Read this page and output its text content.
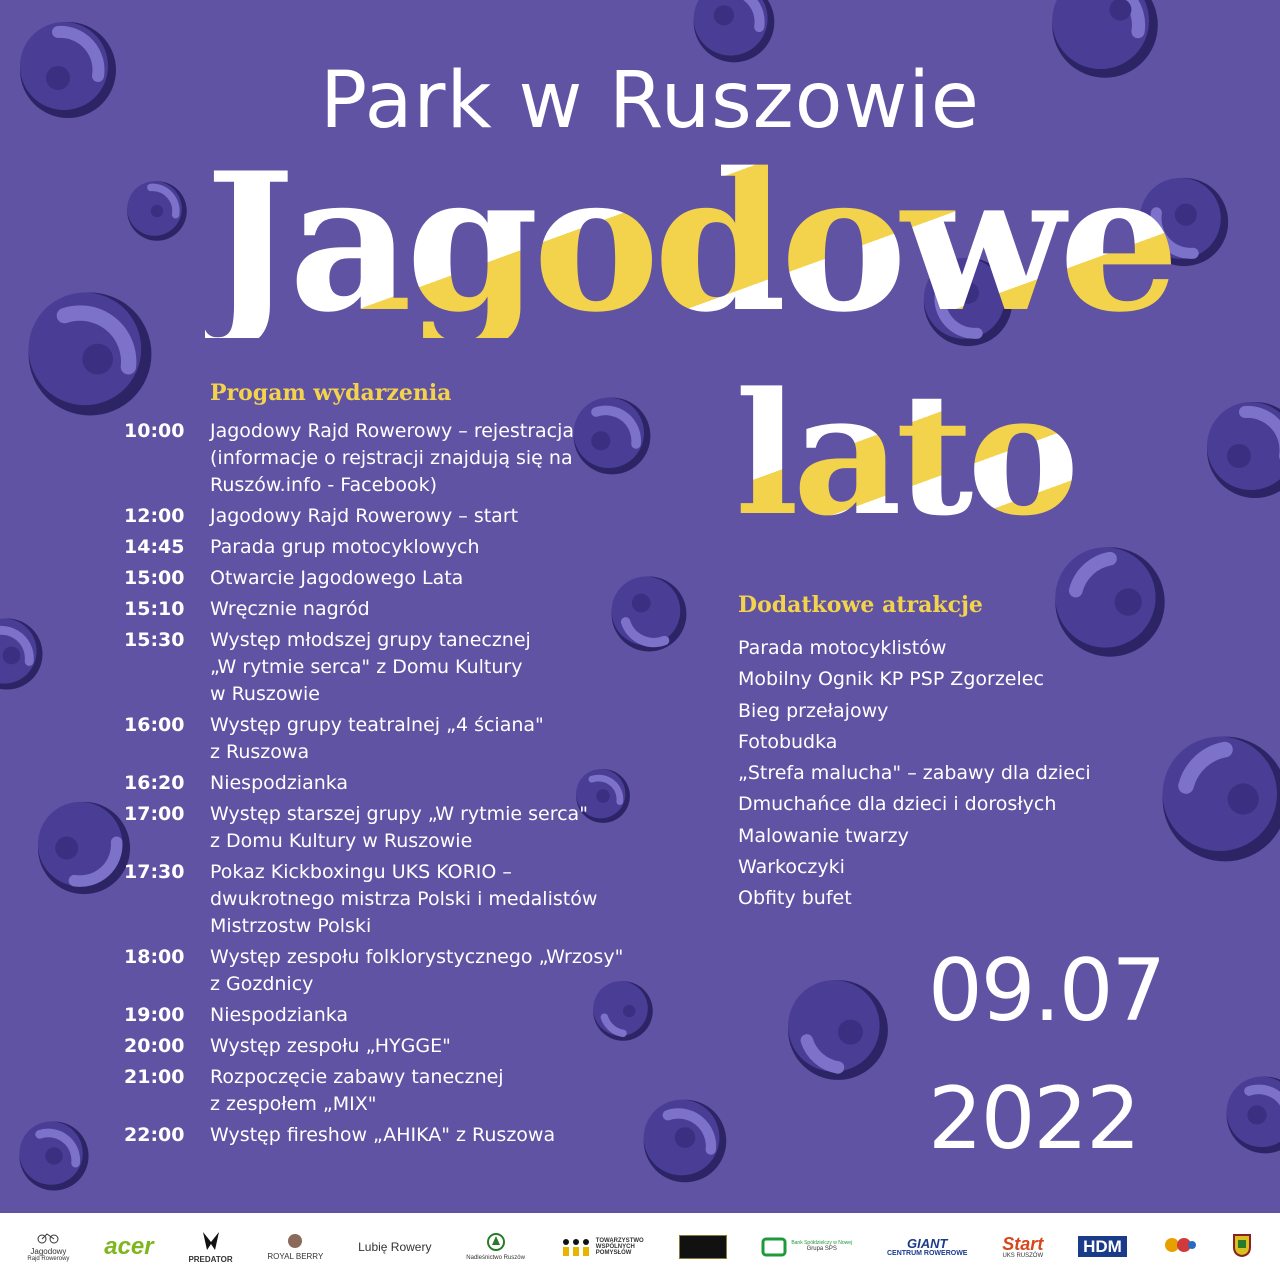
Park w Ruszowie
Jagodowe
lato
Progam wydarzenia
10:00	Jagodowy Rajd Rowerowy – rejestracja
(informacje o rejstracji znajdują się na
Ruszów.info - Facebook)
12:00	Jagodowy Rajd Rowerowy – start
14:45	Parada grup motocyklowych
15:00	Otwarcie Jagodowego Lata
15:10	Wręcznie nagród
15:30	Występ młodszej grupy tanecznej
„W rytmie serca" z Domu Kultury
w Ruszowie
16:00	Występ grupy teatralnej „4 ściana"
z Ruszowa
16:20	Niespodzianka
17:00	Występ starszej grupy „W rytmie serca"
z Domu Kultury w Ruszowie
17:30	Pokaz Kickboxingu UKS KORIO –
dwukrotnego mistrza Polski i medalistów
Mistrzostw Polski
18:00	Występ zespołu folklorystycznego „Wrzosy"
z Gozdnicy
19:00	Niespodzianka
20:00	Występ zespołu „HYGGE"
21:00	Rozpoczęcie zabawy tanecznej
z zespołem „MIX"
22:00	Występ fireshow „AHIKA" z Ruszowa
Dodatkowe atrakcje
Parada motocyklistów
Mobilny Ognik KP PSP Zgorzelec
Bieg przełajowy
Fotobudka
„Strefa malucha" – zabawy dla dzieci
Dmuchańce dla dzieci i dorosłych
Malowanie twarzy
Warkoczyki
Obfity bufet
09.07
2022
Jagodowy
Rajd Rowerowy acer	PREDATOR	ROYAL BERRY
Lubię Rowery
Nadleśnictwo Ruszów
TOWARZYSTWO
WSPÓLNYCH
POMYSŁÓW
Bank Spółdzielczy w Nowej
Grupa SPS	GIANT
CENTRUM ROWEROWE Start
UKS RUSZÓW HDM
